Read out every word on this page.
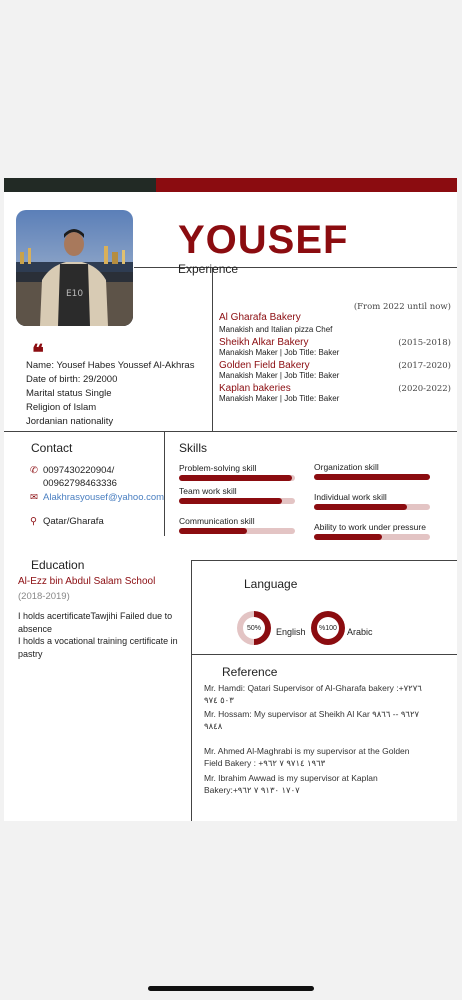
E10
YOUSEF
Experience
(From 2022 until now)
Al Gharafa Bakery
Manakish and Italian pizza Chef
(2015-2018)
Sheikh Alkar Bakery
Manakish Maker | Job Title: Baker
(2017-2020)
Golden Field Bakery
Manakish Maker | Job Title: Baker
(2020-2022)
Kaplan bakeries
Manakish Maker | Job Title: Baker
❝
Name: Yousef Habes Youssef Al-Akhras
Date of birth: 29/2000
Marital status Single
Religion of Islam
Jordanian nationality
Contact
✆ 0097430220904/
00962798463336
✉ Alakhrasyousef@yahoo.com
⚲ Qatar/Gharafa
Skills
Problem-solving skill	Organization skill
Team work skill
Individual work skill
Communication skill
Ability to work under pressure
Education
Al-Ezz bin Abdul Salam School
(2018-2019)
I holds acertificateTawjihi Failed due to absence
I holds a vocational training certificate in pastry
Language
50%	English %100 Arabic
Reference
Mr. Hamdi: Qatari Supervisor of Al-Gharafa bakery :+٧٢٧٦ ٥٠٣ ٩٧٤
Mr. Hossam: My supervisor at Sheikh Al Kar ٩٦٢٧ -- ٩٨٦٦ ٩٨٤٨
Mr. Ahmed Al-Maghrabi is my supervisor at the Golden Field Bakery : +١٩٦٣ ٩٧١٤ ٧ ٩٦٢
Mr. Ibrahim Awwad is my supervisor at Kaplan Bakery:+١٧٠٧ ٩١٣٠ ٧ ٩٦٢
